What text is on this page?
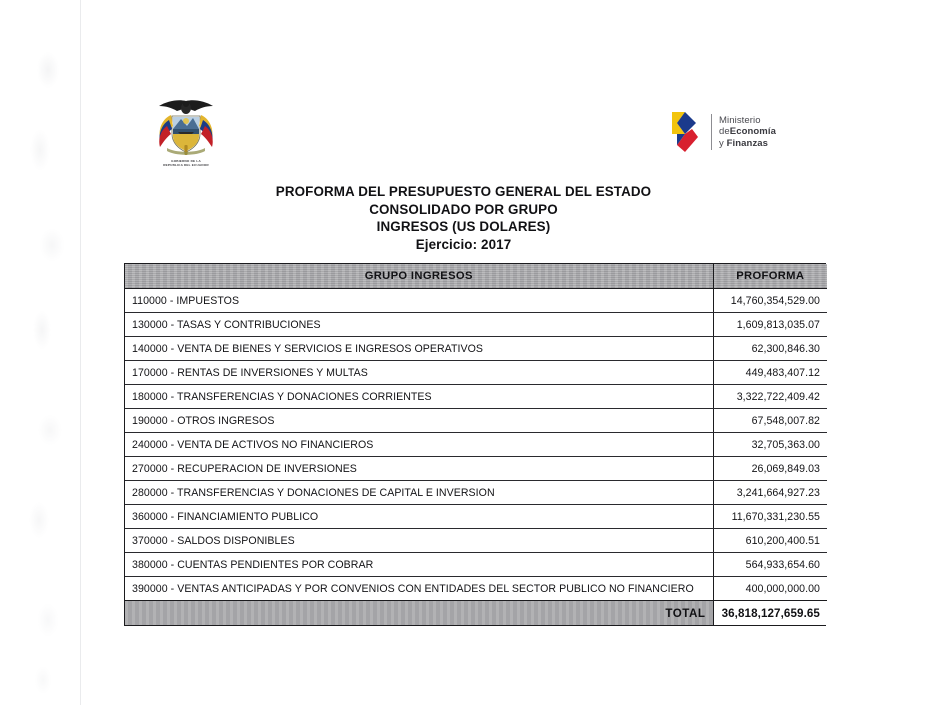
GOBIERNO DE LA
REPUBLICA DEL ECUADOR
Ministerio
deEconomía
y Finanzas
PROFORMA DEL PRESUPUESTO GENERAL DEL ESTADO
CONSOLIDADO POR GRUPO
INGRESOS (US DOLARES)
Ejercicio: 2017
GRUPO INGRESOS	PROFORMA
110000 - IMPUESTOS	14,760,354,529.00
130000 - TASAS Y CONTRIBUCIONES	1,609,813,035.07
140000 - VENTA DE BIENES Y SERVICIOS E INGRESOS OPERATIVOS	62,300,846.30
170000 - RENTAS DE INVERSIONES Y MULTAS	449,483,407.12
180000 - TRANSFERENCIAS Y DONACIONES CORRIENTES	3,322,722,409.42
190000 - OTROS INGRESOS	67,548,007.82
240000 - VENTA DE ACTIVOS NO FINANCIEROS	32,705,363.00
270000 - RECUPERACION DE INVERSIONES	26,069,849.03
280000 - TRANSFERENCIAS Y DONACIONES DE CAPITAL E INVERSION	3,241,664,927.23
360000 - FINANCIAMIENTO PUBLICO	11,670,331,230.55
370000 - SALDOS DISPONIBLES	610,200,400.51
380000 - CUENTAS PENDIENTES POR COBRAR	564,933,654.60
390000 - VENTAS ANTICIPADAS Y POR CONVENIOS CON ENTIDADES DEL SECTOR PUBLICO NO FINANCIERO	400,000,000.00
TOTAL	36,818,127,659.65
